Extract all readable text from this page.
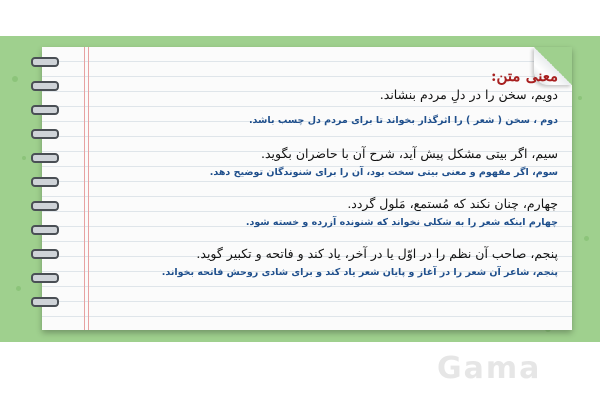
معنی متن:

دویم، سخن را در دلِ مردم بنشاند.

دوم ، سخن ( شعر ) را اثرگذار بخواند تا برای مردم دل چسب باشد.

سیم، اگر بیتی مشکل پیش آید، شرح آن با حاضران بگوید.

سوم، اگر مفهوم و معنی بیتی سخت بود، آن را برای شنوندگان توضیح دهد.

چهارم، چنان نکند که مُستمع، مَلول گردد.

چهارم اینکه شعر را به شکلی نخواند که شنونده آزرده و خسته شود.

پنجم، صاحب آن نظم را در اوّل یا در آخر، یاد کند و فاتحه و تکبیر گوید.

پنجم، شاعر آن شعر را در آغاز و پایان شعر یاد کند و برای شادی روحش فاتحه بخواند.

Gama
